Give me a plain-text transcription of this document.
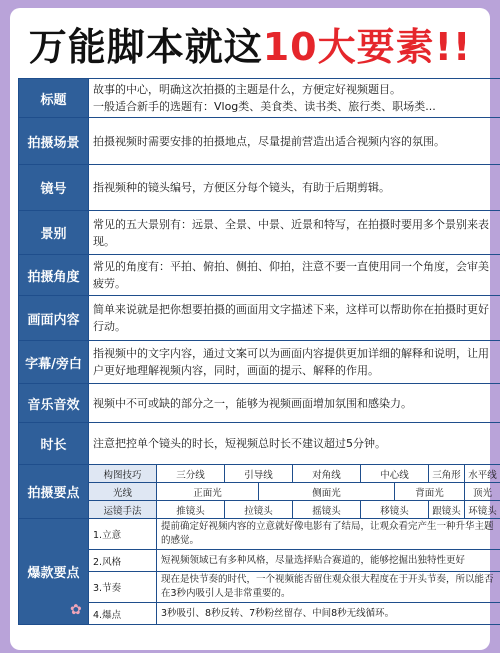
万能脚本就这 10大要素!!
标题	故事的中心，明确这次拍摄的主题是什么，方便定好视频题目。
一般适合新手的选题有：Vlog类、美食类、读书类、旅行类、职场类...								

拍摄场景	拍摄视频时需要安排的拍摄地点，尽量提前营造出适合视频内容的氛围。								
镜号	指视频种的镜头编号，方便区分每个镜头，有助于后期剪辑。								
景别	常见的五大景别有：远景、全景、中景、近景和特写，在拍摄时要用多个景别来表现。								
拍摄角度	常见的角度有：平拍、俯拍、侧拍、仰拍，注意不要一直使用同一个角度，会审美疲劳。								
画面内容	简单来说就是把你想要拍摄的画面用文字描述下来，这样可以帮助你在拍摄时更好行动。								
字幕/旁白	指视频中的文字内容，通过文案可以为画面内容提供更加详细的解释和说明，让用户更好地理解视频内容，同时，画面的提示、解释的作用。								
音乐音效	视频中不可或缺的部分之一，能够为视频画面增加氛围和感染力。								
时长	注意把控单个镜头的时长，短视频总时长不建议超过5分钟。								
拍摄要点	构图技巧	三分线	引导线		对角线	中心线		三角形	水平线
	光线	正面光		侧面光			背面光		顶光
	运镜手法	推镜头	拉镜头		摇镜头	移镜头		跟镜头	环镜头
爆款要点	1.立意	提前确定好视频内容的立意就好像电影有了结局，让观众看完产生一种升华主题的感觉。							
	2.风格	短视频领域已有多种风格，尽量选择贴合赛道的，能够挖掘出独特性更好							
	3.节奏	现在是快节奏的时代，一个视频能否留住观众很大程度在于开头节奏，所以能否在3秒内吸引人是非常重要的。							
	4.爆点	3秒吸引、8秒反转、7秒粉丝留存、中间8秒无线循环。							
✿
